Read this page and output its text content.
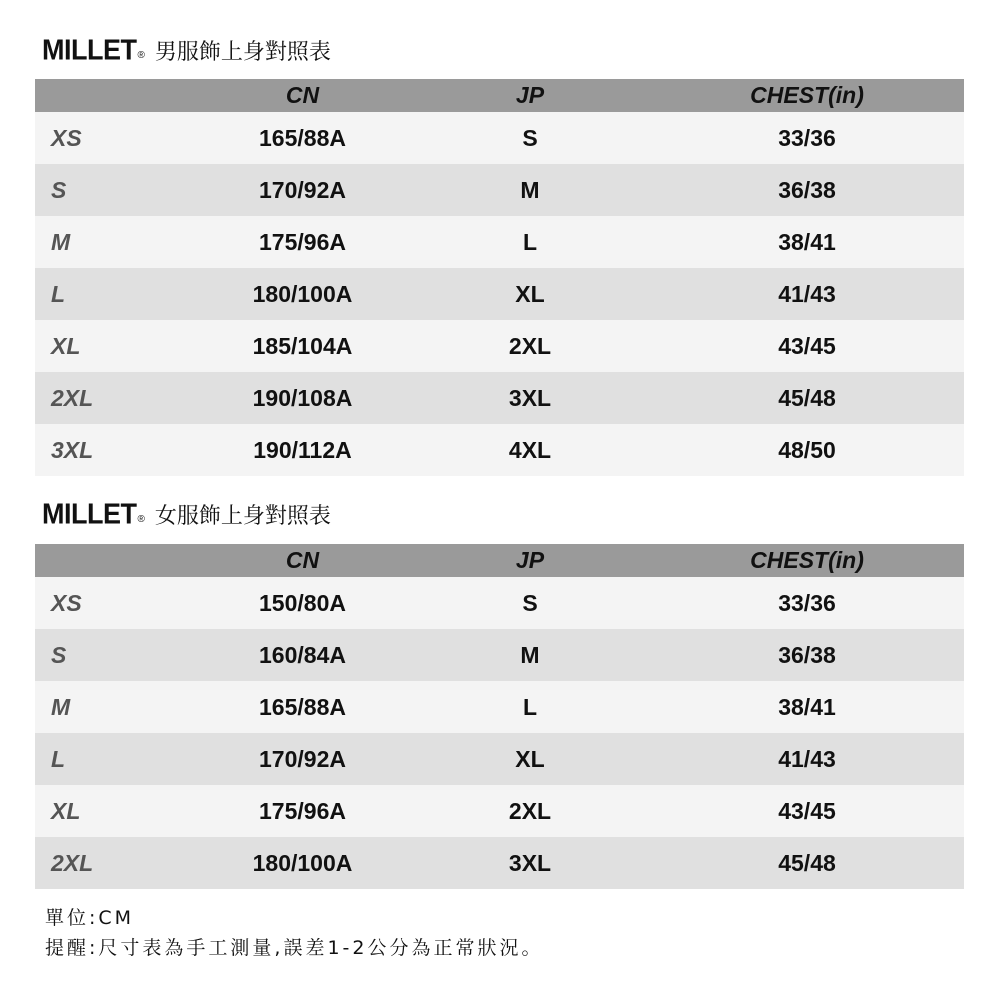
MILLET ® 男服飾上身對照表
	CN	JP	CHEST(in)
XS	165/88A	S	33/36
S	170/92A	M	36/38
M	175/96A	L	38/41
L	180/100A	XL	41/43
XL	185/104A	2XL	43/45
2XL	190/108A	3XL	45/48
3XL	190/112A	4XL	48/50
MILLET ® 女服飾上身對照表
	CN	JP	CHEST(in)
XS	150/80A	S	33/36
S	160/84A	M	36/38
M	165/88A	L	38/41
L	170/92A	XL	41/43
XL	175/96A	2XL	43/45
2XL	180/100A	3XL	45/48
單位:CM
提醒:尺寸表為手工測量,誤差1-2公分為正常狀況。
